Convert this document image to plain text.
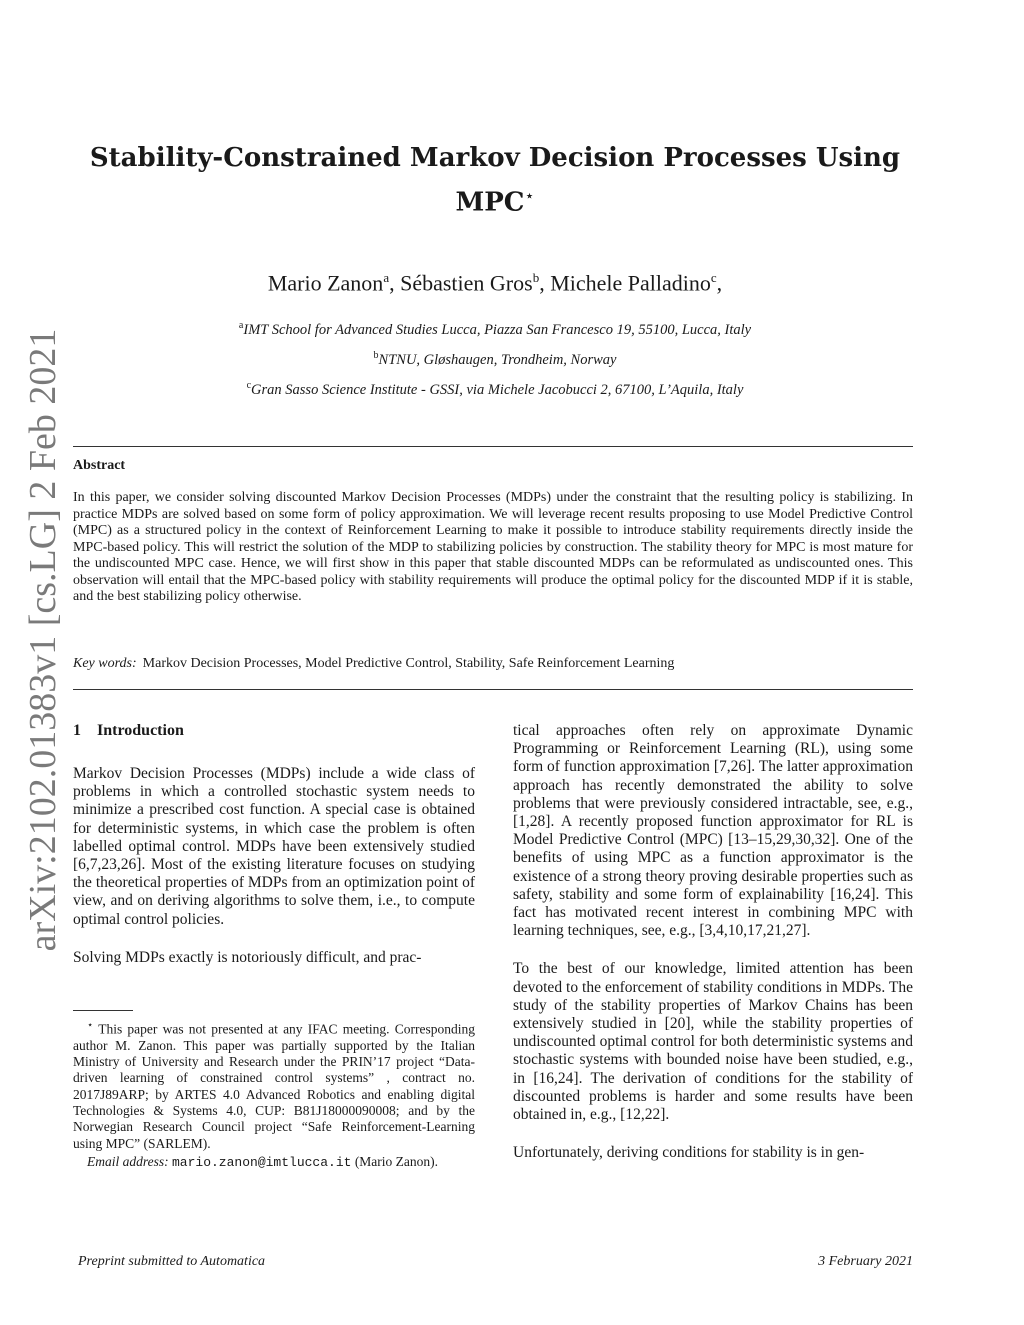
arXiv:2102.01383v1 [cs.LG] 2 Feb 2021
Stability-Constrained Markov Decision Processes Using
MPC⋆
Mario Zanon$^a$, Sébastien Gros$^b$, Michele Palladino$^c$,
$^a$IMT School for Advanced Studies Lucca, Piazza San Francesco 19, 55100, Lucca, Italy
$^b$NTNU, Gløshaugen, Trondheim, Norway
$^c$Gran Sasso Science Institute - GSSI, via Michele Jacobucci 2, 67100, L’Aquila, Italy
Abstract
In this paper, we consider solving discounted Markov Decision Processes (MDPs) under the constraint that the resulting policy is stabilizing. In practice MDPs are solved based on some form of policy approximation. We will leverage recent results proposing to use Model Predictive Control (MPC) as a structured policy in the context of Reinforcement Learning to make it possible to introduce stability requirements directly inside the MPC-based policy. This will restrict the solution of the MDP to stabilizing policies by construction. The stability theory for MPC is most mature for the undiscounted MPC case. Hence, we will first show in this paper that stable discounted MDPs can be reformulated as undiscounted ones. This observation will entail that the MPC-based policy with stability requirements will produce the optimal policy for the discounted MDP if it is stable, and the best stabilizing policy otherwise.
Key words: Markov Decision Processes, Model Predictive Control, Stability, Safe Reinforcement Learning
1 Introduction

Markov Decision Processes (MDPs) include a wide class of problems in which a controlled stochastic system needs to minimize a prescribed cost function. A special case is obtained for deterministic systems, in which case the problem is often labelled optimal control. MDPs have been extensively studied [6,7,23,26]. Most of the existing literature focuses on studying the theoretical properties of MDPs from an optimization point of view, and on deriving algorithms to solve them, i.e., to compute optimal control policies.

Solving MDPs exactly is notoriously difficult, and prac-

⋆ This paper was not presented at any IFAC meeting. Corresponding author M. Zanon. This paper was partially supported by the Italian Ministry of University and Research under the PRIN’17 project “Data-driven learning of constrained control systems” , contract no. 2017J89ARP; by ARTES 4.0 Advanced Robotics and enabling digital Technologies & Systems 4.0, CUP: B81J18000090008; and by the Norwegian Research Council project “Safe Reinforcement-Learning using MPC” (SARLEM).
Email address: mario.zanon@imtlucca.it (Mario Zanon).

tical approaches often rely on approximate Dynamic Programming or Reinforcement Learning (RL), using some form of function approximation [7,26]. The latter approximation approach has recently demonstrated the ability to solve problems that were previously considered intractable, see, e.g., [1,28]. A recently proposed function approximator for RL is Model Predictive Control (MPC) [13–15,29,30,32]. One of the benefits of using MPC as a function approximator is the existence of a strong theory proving desirable properties such as safety, stability and some form of explainability [16,24]. This fact has motivated recent interest in combining MPC with learning techniques, see, e.g., [3,4,10,17,21,27].

To the best of our knowledge, limited attention has been devoted to the enforcement of stability conditions in MDPs. The study of the stability properties of Markov Chains has been extensively studied in [20], while the stability properties of undiscounted optimal control for both deterministic systems and stochastic systems with bounded noise have been studied, e.g., in [16,24]. The derivation of conditions for the stability of discounted problems is harder and some results have been obtained in, e.g., [12,22].

Unfortunately, deriving conditions for stability is in gen-

Preprint submitted to Automatica	3 February 2021
